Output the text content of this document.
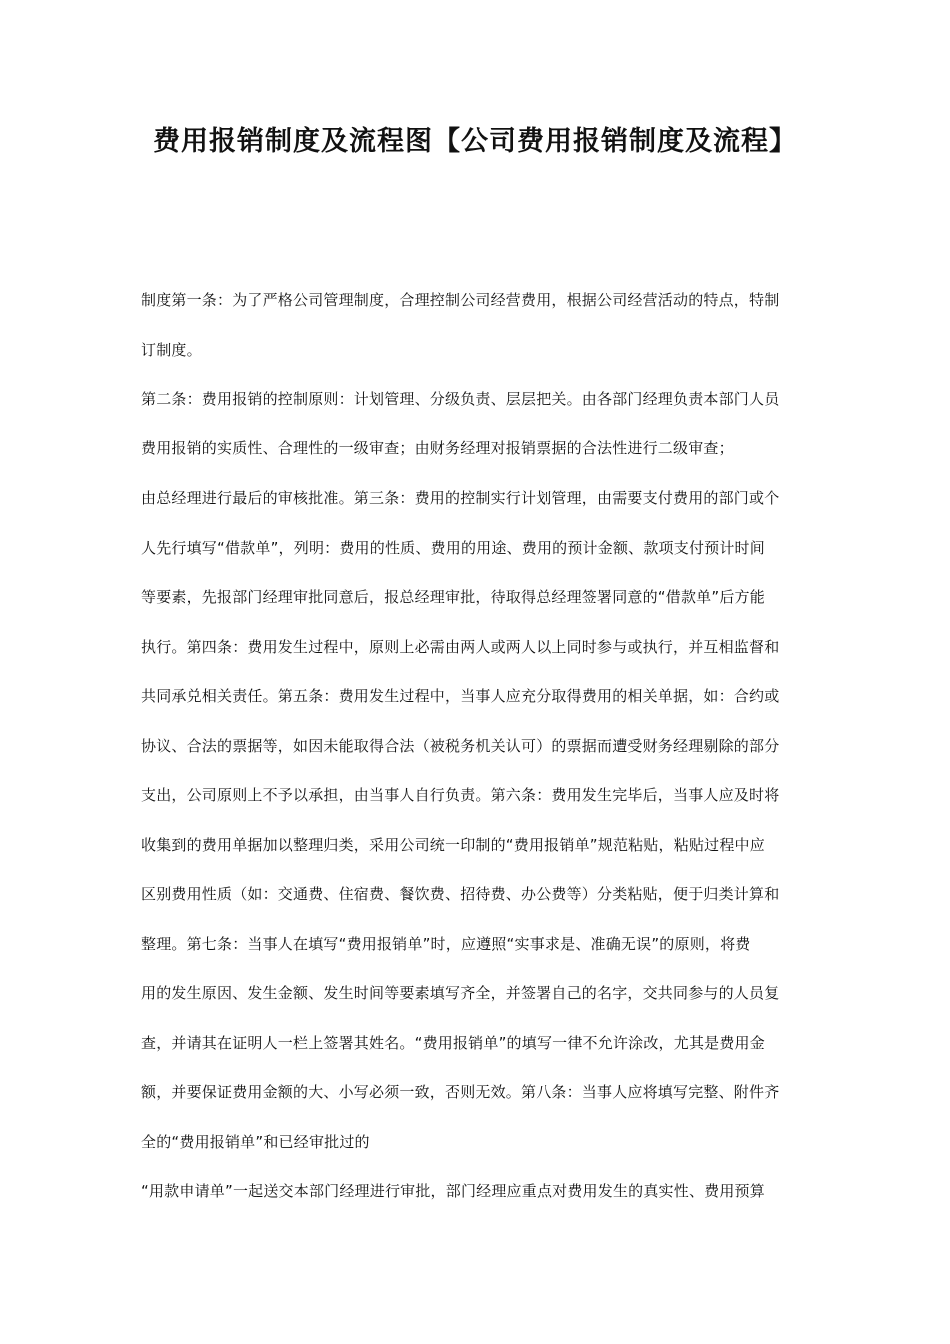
费用报销制度及流程图【公司费用报销制度及流程】
制度第一条：为了严格公司管理制度，合理控制公司经营费用，根据公司经营活动的特点，特制
订制度。
第二条：费用报销的控制原则：计划管理、分级负责、层层把关。由各部门经理负责本部门人员
费用报销的实质性、合理性的一级审查；由财务经理对报销票据的合法性进行二级审查；
由总经理进行最后的审核批准。第三条：费用的控制实行计划管理，由需要支付费用的部门或个
人先行填写“借款单”，列明：费用的性质、费用的用途、费用的预计金额、款项支付预计时间
等要素，先报部门经理审批同意后，报总经理审批，待取得总经理签署同意的“借款单”后方能
执行。第四条：费用发生过程中，原则上必需由两人或两人以上同时参与或执行，并互相监督和
共同承兑相关责任。第五条：费用发生过程中，当事人应充分取得费用的相关单据，如：合约或
协议、合法的票据等，如因未能取得合法（被税务机关认可）的票据而遭受财务经理剔除的部分
支出，公司原则上不予以承担，由当事人自行负责。第六条：费用发生完毕后，当事人应及时将
收集到的费用单据加以整理归类，采用公司统一印制的“费用报销单”规范粘贴，粘贴过程中应
区别费用性质（如：交通费、住宿费、餐饮费、招待费、办公费等）分类粘贴，便于归类计算和
整理。第七条：当事人在填写“费用报销单”时，应遵照“实事求是、准确无误”的原则，将费
用的发生原因、发生金额、发生时间等要素填写齐全，并签署自己的名字，交共同参与的人员复
查，并请其在证明人一栏上签署其姓名。“费用报销单”的填写一律不允许涂改，尤其是费用金
额，并要保证费用金额的大、小写必须一致，否则无效。第八条：当事人应将填写完整、附件齐
全的“费用报销单”和已经审批过的
“用款申请单”一起送交本部门经理进行审批，部门经理应重点对费用发生的真实性、费用预算
